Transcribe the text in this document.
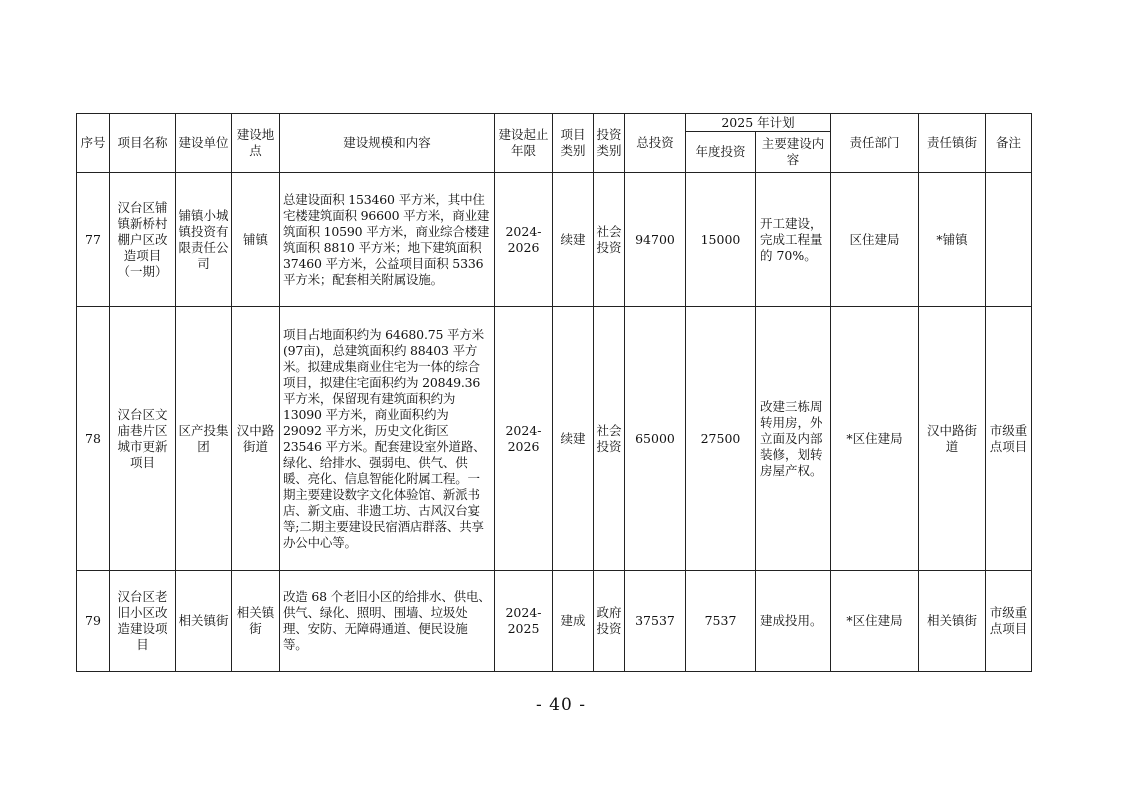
序号	项目名称	建设单位	建设地点	建设规模和内容	建设起止年限	项目类别	投资类别	总投资	2025 年计划		责任部门	责任镇街	备注
									年度投资	主要建设内容			
77	汉台区铺镇新桥村棚户区改造项目（一期）	铺镇小城镇投资有限责任公司	铺镇	总建设面积 153460 平方米，其中住宅楼建筑面积 96600 平方米，商业建筑面积 10590 平方米，商业综合楼建筑面积 8810 平方米；地下建筑面积 37460 平方米，公益项目面积 5336 平方米；配套相关附属设施。	2024-2026	续建	社会投资	94700	15000	开工建设，完成工程量的 70%。	区住建局	*铺镇	
78	汉台区文庙巷片区城市更新项目	区产投集团	汉中路街道	项目占地面积约为 64680.75 平方米(97亩)，总建筑面积约 88403 平方米。拟建成集商业住宅为一体的综合项目，拟建住宅面积约为 20849.36 平方米，保留现有建筑面积约为 13090 平方米，商业面积约为 29092 平方米，历史文化街区 23546 平方米。配套建设室外道路、绿化、给排水、强弱电、供气、供暖、亮化、信息智能化附属工程。一期主要建设数字文化体验馆、新派书店、新文庙、非遗工坊、古风汉台宴等;二期主要建设民宿酒店群落、共享办公中心等。	2024-2026	续建	社会投资	65000	27500	改建三栋周转用房，外立面及内部装修，划转房屋产权。	*区住建局	汉中路街道	市级重点项目
79	汉台区老旧小区改造建设项目	相关镇街	相关镇街	改造 68 个老旧小区的给排水、供电、供气、绿化、照明、围墙、垃圾处理、安防、无障碍通道、便民设施等。	2024-2025	建成	政府投资	37537	7537	建成投用。	*区住建局	相关镇街	市级重点项目
- 40 -
